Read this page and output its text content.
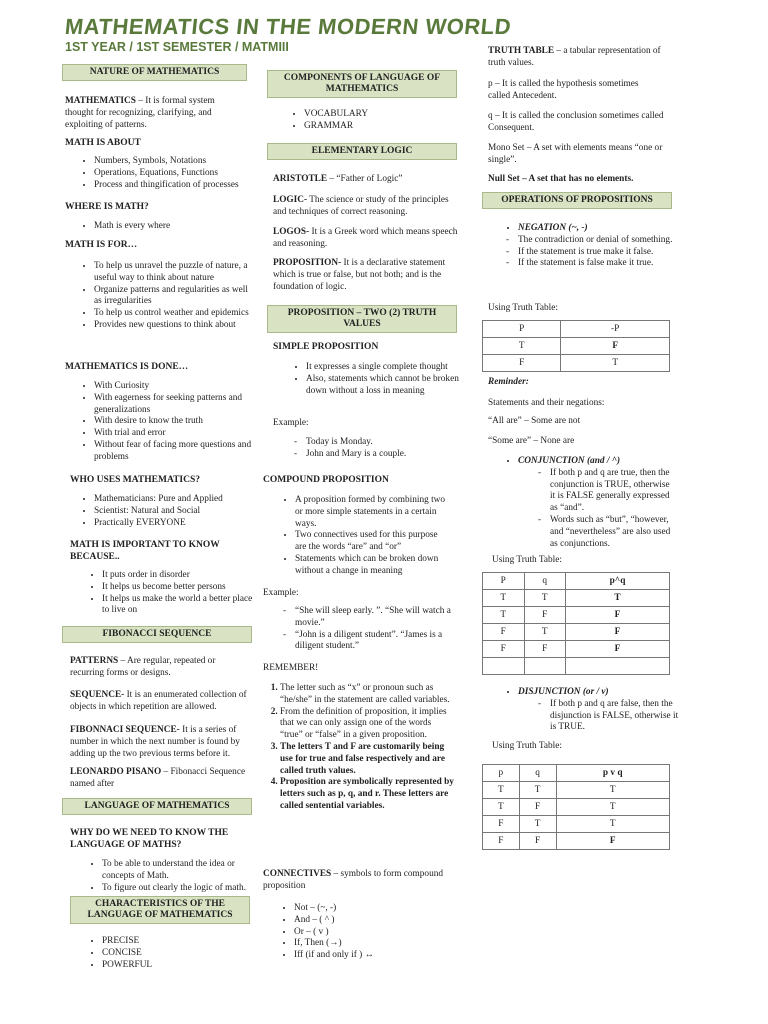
MATHEMATICS IN THE MODERN WORLD
1ST YEAR / 1ST SEMESTER / MATMIII
NATURE OF MATHEMATICS
MATHEMATICS – It is formal system thought for recognizing, clarifying, and exploiting of patterns.
MATH IS ABOUT
• Numbers, Symbols, Notations
• Operations, Equations, Functions
• Process and thingification of processes
WHERE IS MATH?
• Math is every where
MATH IS FOR…
• To help us unravel the puzzle of nature, a useful way to think about nature
• Organize patterns and regularities as well as irregularities
• To help us control weather and epidemics
• Provides new questions to think about
MATHEMATICS IS DONE…
• With Curiosity
• With eagerness for seeking patterns and generalizations
• With desire to know the truth
• With trial and error
• Without fear of facing more questions and problems
WHO USES MATHEMATICS?
• Mathematicians: Pure and Applied
• Scientist: Natural and Social
• Practically EVERYONE
MATH IS IMPORTANT TO KNOW BECAUSE..
• It puts order in disorder
• It helps us become better persons
• It helps us make the world a better place to live on
FIBONACCI SEQUENCE
PATTERNS – Are regular, repeated or recurring forms or designs.
SEQUENCE- It is an enumerated collection of objects in which repetition are allowed.
FIBONNACI SEQUENCE- It is a series of number in which the next number is found by adding up the two previous terms before it.
LEONARDO PISANO – Fibonacci Sequence named after
LANGUAGE OF MATHEMATICS
WHY DO WE NEED TO KNOW THE LANGUAGE OF MATHS?
• To be able to understand the idea or concepts of Math.
• To figure out clearly the logic of math.
CHARACTERISTICS OF THE LANGUAGE OF MATHEMATICS
• PRECISE
• CONCISE
• POWERFUL
COMPONENTS OF LANGUAGE OF MATHEMATICS
• VOCABULARY
• GRAMMAR
ELEMENTARY LOGIC
ARISTOTLE – “Father of Logic”
LOGIC- The science or study of the principles and techniques of correct reasoning.
LOGOS- It is a Greek word which means speech and reasoning.
PROPOSITION- It is a declarative statement which is true or false, but not both; and is the foundation of logic.
PROPOSITION – TWO (2) TRUTH VALUES
SIMPLE PROPOSITION
• It expresses a single complete thought
• Also, statements which cannot be broken down without a loss in meaning
Example:
- Today is Monday.
- John and Mary is a couple.
COMPOUND PROPOSITION
• A proposition formed by combining two or more simple statements in a certain ways.
• Two connectives used for this purpose are the words “are” and “or”
• Statements which can be broken down without a change in meaning
Example:
- “She will sleep early. ”. “She will watch a movie.”
- “John is a diligent student”. “James is a diligent student.”
REMEMBER!
1. The letter such as “x” or pronoun such as “he/she” in the statement are called variables.
2. From the definition of proposition, it implies that we can only assign one of the words “true” or “false” in a given proposition.
3. The letters T and F are customarily being use for true and false respectively and are called truth values.
4. Proposition are symbolically represented by letters such as p, q, and r. These letters are called sentential variables.
CONNECTIVES – symbols to form compound proposition
• Not – (~, -)
• And – ( ^ )
• Or – ( v )
• If, Then (→)
• Iff (if and only if ) ↔
TRUTH TABLE – a tabular representation of truth values.
p – It is called the hypothesis sometimes called Antecedent.
q – It is called the conclusion sometimes called Consequent.
Mono Set – A set with elements means “one or single”.
Null Set – A set that has no elements.
OPERATIONS OF PROPOSITIONS
• NEGATION (~, -)
- The contradiction or denial of something.
- If the statement is true make it false.
- If the statement is false make it true.
Using Truth Table:
P	-P
T	F
F	T
Reminder:
Statements and their negations:
“All are” – Some are not
“Some are” – None are
• CONJUNCTION (and / ^)
- If both p and q are true, then the conjunction is TRUE, otherwise it is FALSE generally expressed as “and”.
- Words such as “but”, “however, and “nevertheless” are also used as conjunctions.
Using Truth Table:
P	q	p^q
T	T	T
T	F	F
F	T	F
F	F	F

• DISJUNCTION (or / v)
- If both p and q are false, then the disjunction is FALSE, otherwise it is TRUE.
Using Truth Table:
p	q	p v q
T	T	T
T	F	T
F	T	T
F	F	F
